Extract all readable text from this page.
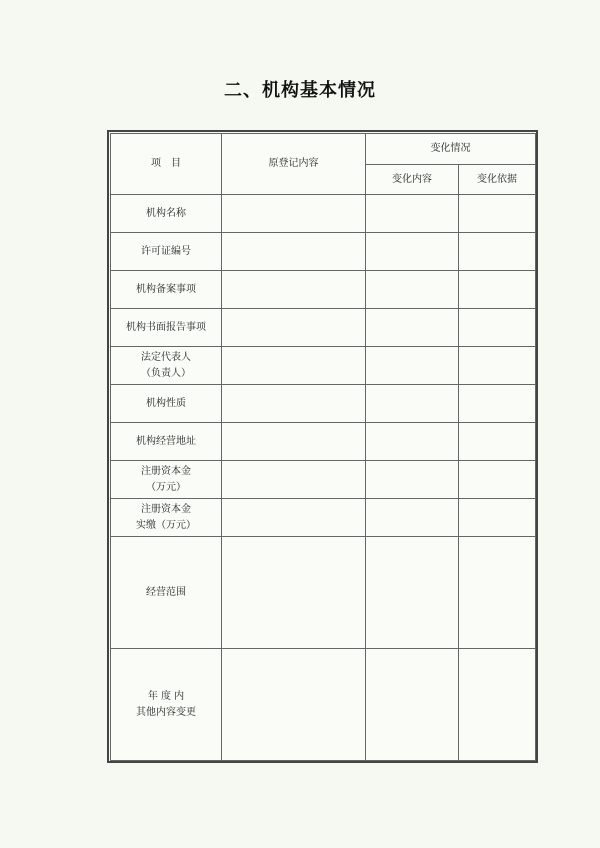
二、机构基本情况
项　目	原登记内容	变化情况	
		变化内容	变化依据

机构名称			

许可证编号			

机构备案事项			

机构书面报告事项			

法定代表人
（负责人）			

机构性质			

机构经营地址			

注册资本金
（万元）			

注册资本金
实缴（万元）			

经营范围			

年 度 内
其他内容变更			
